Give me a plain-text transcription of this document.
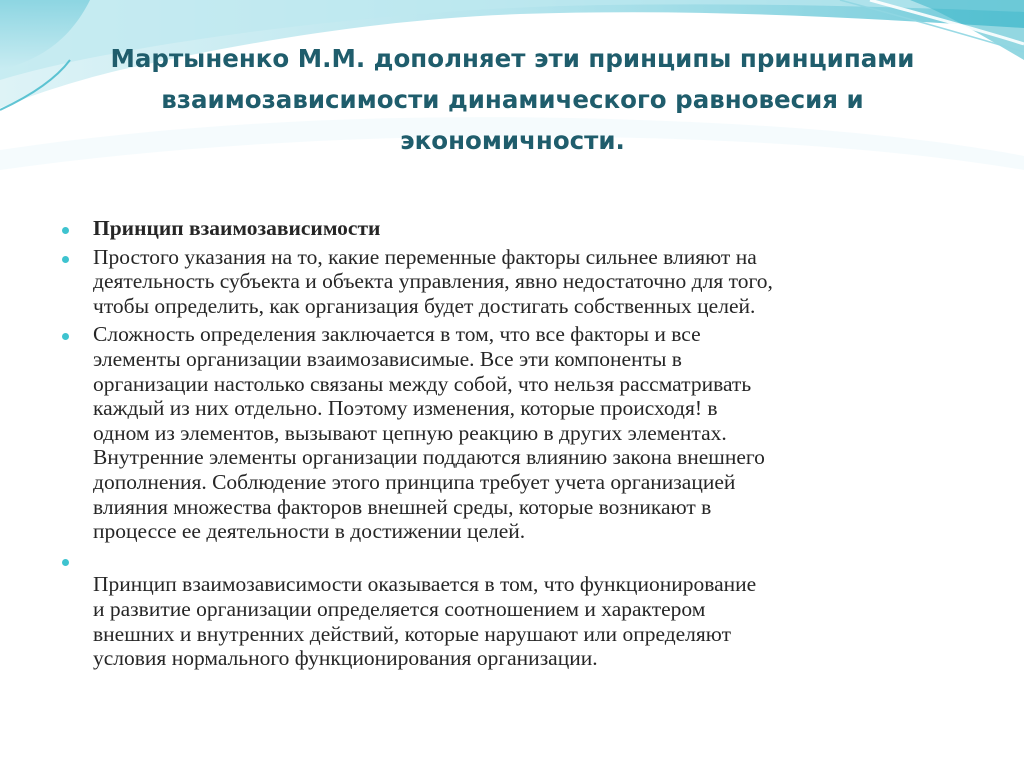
Мартыненко М.М. дополняет эти принципы принципами
взаимозависимости динамического равновесия и
экономичности.
Принцип взаимозависимости
Простого указания на то, какие переменные факторы сильнее влияют на
деятельность субъекта и объекта управления, явно недостаточно для того,
чтобы определить, как организация будет достигать собственных целей.
Сложность определения заключается в том, что все факторы и все
элементы организации взаимозависимые. Все эти компоненты в
организации настолько связаны между собой, что нельзя рассматривать
каждый из них отдельно. Поэтому изменения, которые происходя! в
одном из элементов, вызывают цепную реакцию в других элементах.
Внутренние элементы организации поддаются влиянию закона внешнего
дополнения. Соблюдение этого принципа требует учета организацией
влияния множества факторов внешней среды, которые возникают в
процессе ее деятельности в достижении целей.
Принцип взаимозависимости оказывается в том, что функционирование
и развитие организации определяется соотношением и характером
внешних и внутренних действий, которые нарушают или определяют
условия нормального функционирования организации.
